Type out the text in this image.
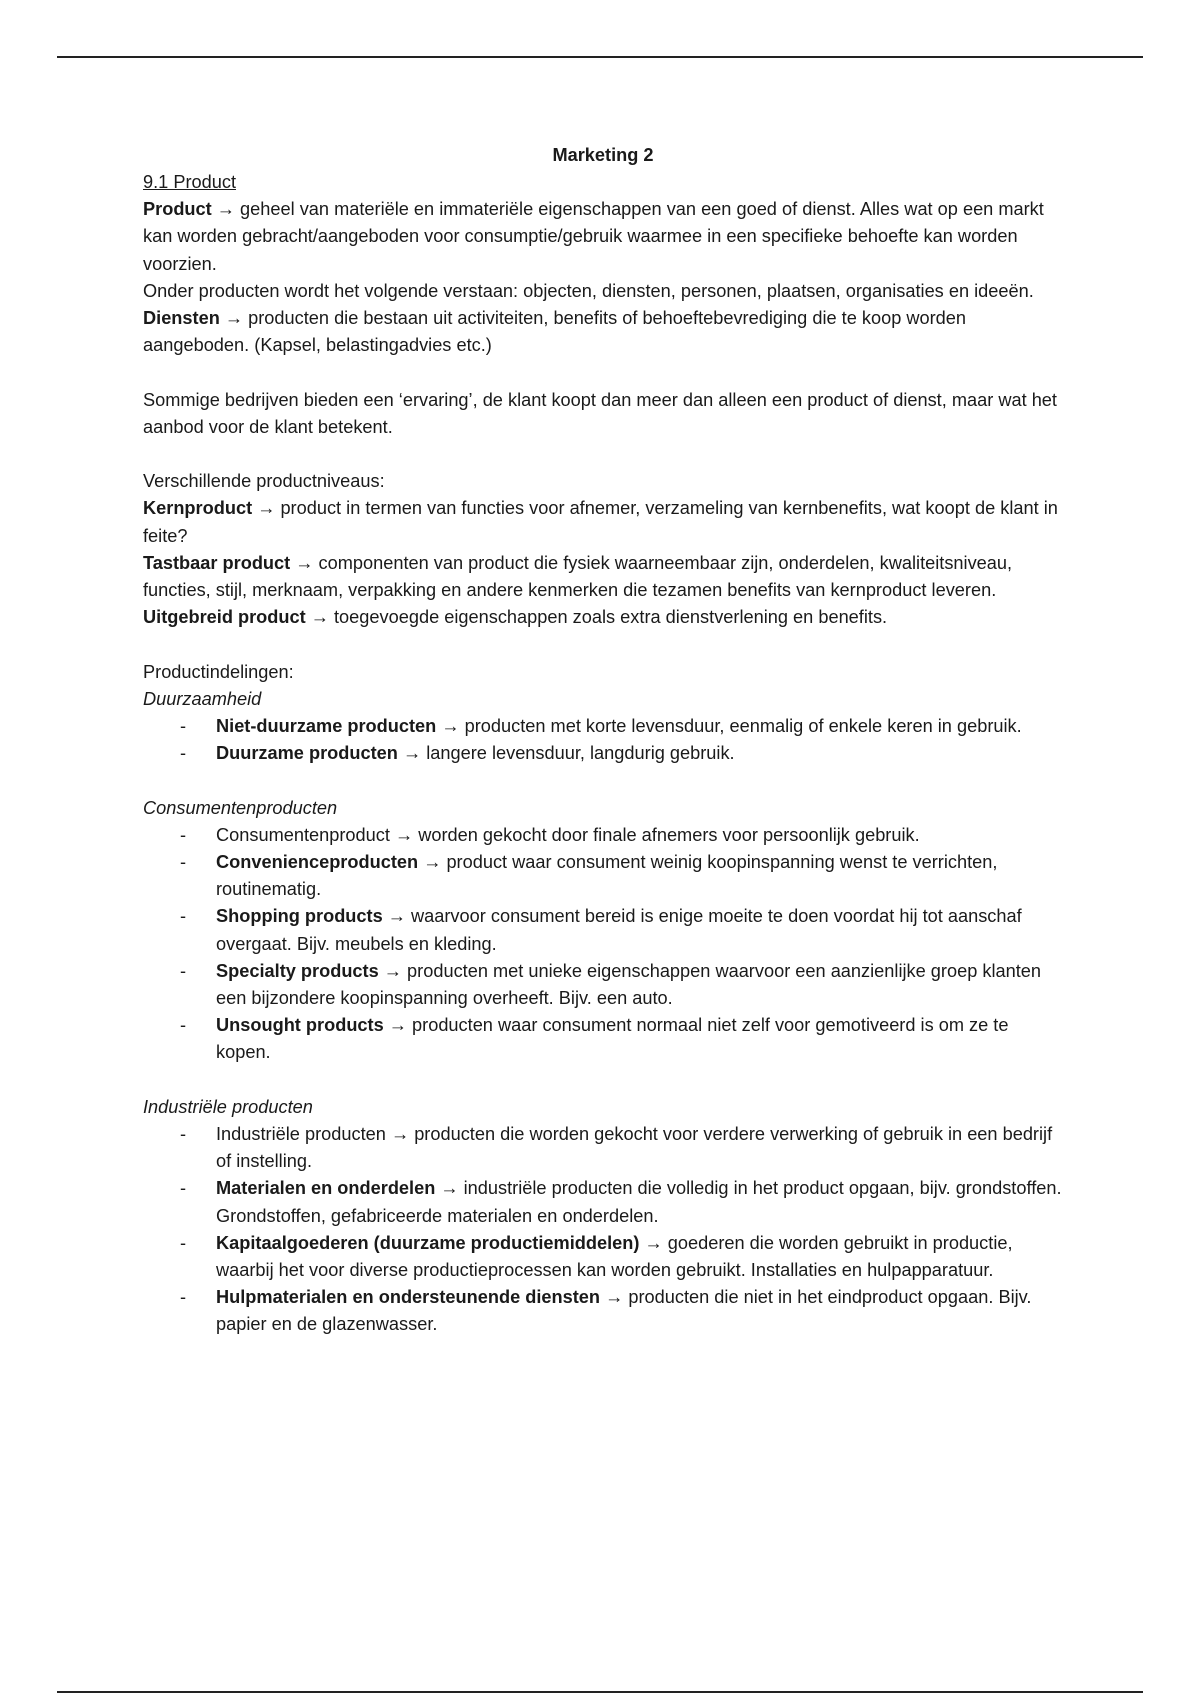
Marketing 2

9.1 Product

Product → geheel van materiële en immateriële eigenschappen van een goed of dienst. Alles wat op een markt kan worden gebracht/aangeboden voor consumptie/gebruik waarmee in een specifieke behoefte kan worden voorzien.

Onder producten wordt het volgende verstaan: objecten, diensten, personen, plaatsen, organisaties en ideeën.

Diensten → producten die bestaan uit activiteiten, benefits of behoeftebevrediging die te koop worden aangeboden. (Kapsel, belastingadvies etc.)

Sommige bedrijven bieden een ‘ervaring’, de klant koopt dan meer dan alleen een product of dienst, maar wat het aanbod voor de klant betekent.

Verschillende productniveaus:

Kernproduct → product in termen van functies voor afnemer, verzameling van kernbenefits, wat koopt de klant in feite?

Tastbaar product → componenten van product die fysiek waarneembaar zijn, onderdelen, kwaliteitsniveau, functies, stijl, merknaam, verpakking en andere kenmerken die tezamen benefits van kernproduct leveren.

Uitgebreid product → toegevoegde eigenschappen zoals extra dienstverlening en benefits.

Productindelingen:

Duurzaamheid

- Niet-duurzame producten → producten met korte levensduur, eenmalig of enkele keren in gebruik.
- Duurzame producten → langere levensduur, langdurig gebruik.

Consumentenproducten

- Consumentenproduct → worden gekocht door finale afnemers voor persoonlijk gebruik.
- Convenienceproducten → product waar consument weinig koopinspanning wenst te verrichten, routinematig.
- Shopping products → waarvoor consument bereid is enige moeite te doen voordat hij tot aanschaf overgaat. Bijv. meubels en kleding.
- Specialty products → producten met unieke eigenschappen waarvoor een aanzienlijke groep klanten een bijzondere koopinspanning overheeft. Bijv. een auto.
- Unsought products → producten waar consument normaal niet zelf voor gemotiveerd is om ze te kopen.

Industriële producten

- Industriële producten → producten die worden gekocht voor verdere verwerking of gebruik in een bedrijf of instelling.
- Materialen en onderdelen → industriële producten die volledig in het product opgaan, bijv. grondstoffen. Grondstoffen, gefabriceerde materialen en onderdelen.
- Kapitaalgoederen (duurzame productiemiddelen) → goederen die worden gebruikt in productie, waarbij het voor diverse productieprocessen kan worden gebruikt. Installaties en hulpapparatuur.
- Hulpmaterialen en ondersteunende diensten → producten die niet in het eindproduct opgaan. Bijv. papier en de glazenwasser.
